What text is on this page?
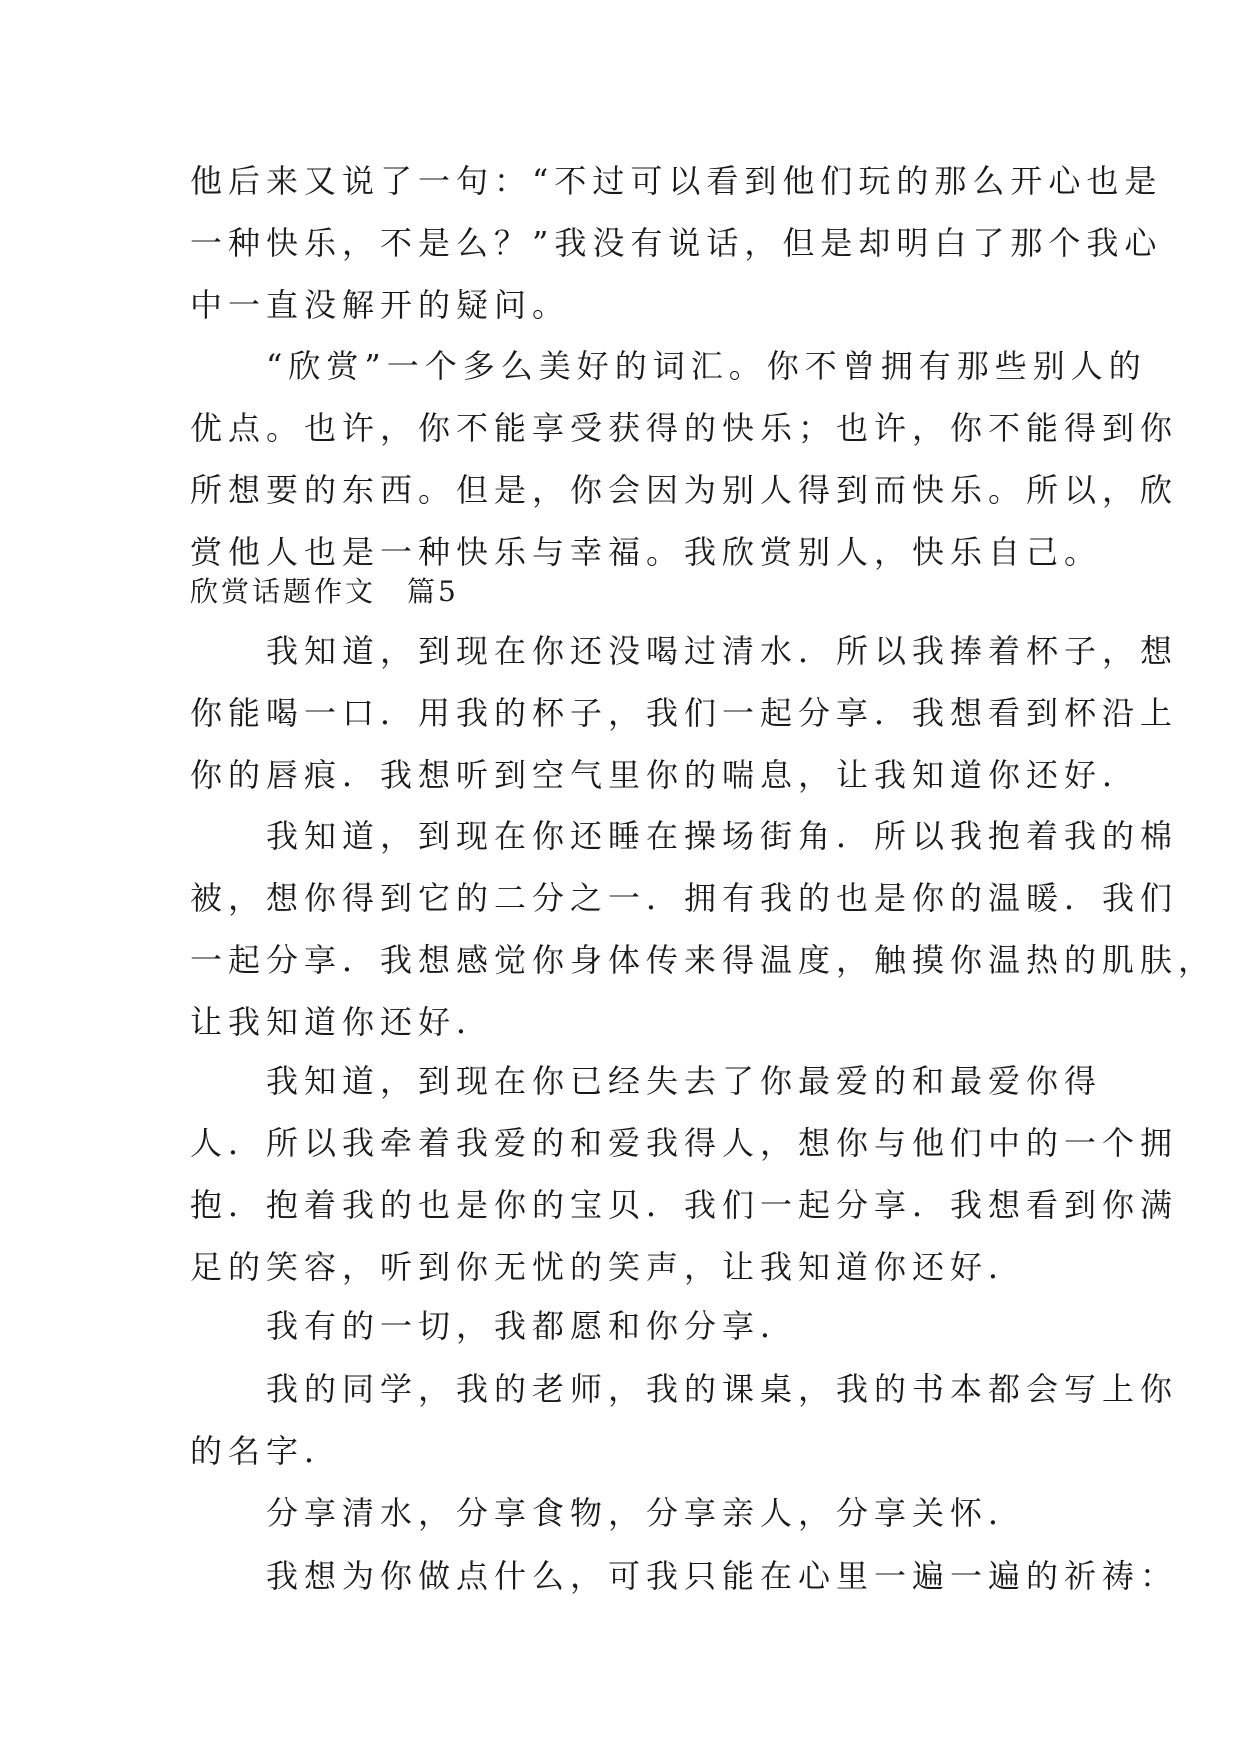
他后来又说了一句：“不过可以看到他们玩的那么开心也是
一种快乐，不是么？”我没有说话，但是却明白了那个我心
中一直没解开的疑问。
　　“欣赏”一个多么美好的词汇。你不曾拥有那些别人的
优点。也许，你不能享受获得的快乐；也许，你不能得到你
所想要的东西。但是，你会因为别人得到而快乐。所以，欣
赏他人也是一种快乐与幸福。我欣赏别人，快乐自己。
欣赏话题作文　篇5
　　我知道，到现在你还没喝过清水．所以我捧着杯子，想
你能喝一口．用我的杯子，我们一起分享．我想看到杯沿上
你的唇痕．我想听到空气里你的喘息，让我知道你还好．
　　我知道，到现在你还睡在操场街角．所以我抱着我的棉
被，想你得到它的二分之一．拥有我的也是你的温暖．我们
一起分享．我想感觉你身体传来得温度，触摸你温热的肌肤，
让我知道你还好．
　　我知道，到现在你已经失去了你最爱的和最爱你得
人．所以我牵着我爱的和爱我得人，想你与他们中的一个拥
抱．抱着我的也是你的宝贝．我们一起分享．我想看到你满
足的笑容，听到你无忧的笑声，让我知道你还好．
　　我有的一切，我都愿和你分享．
　　我的同学，我的老师，我的课桌，我的书本都会写上你
的名字．
　　分享清水，分享食物，分享亲人，分享关怀．
　　我想为你做点什么，可我只能在心里一遍一遍的祈祷：
